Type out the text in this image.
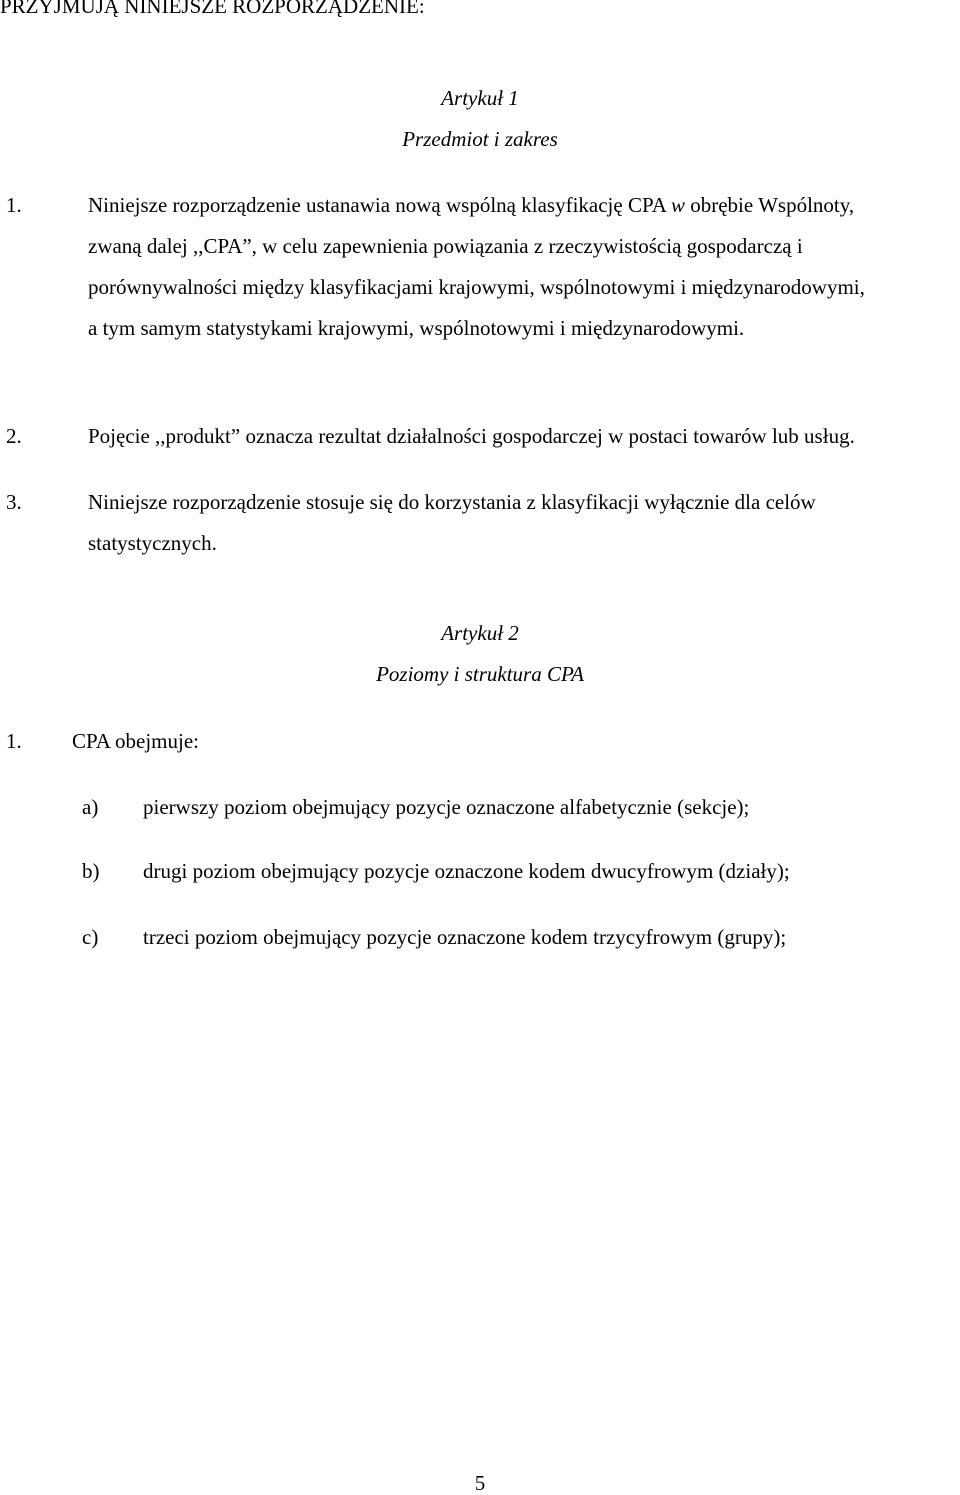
PRZYJMUJĄ NINIEJSZE ROZPORZĄDZENIE:
Artykuł 1
Przedmiot i zakres
1.	Niniejsze rozporządzenie ustanawia nową wspólną klasyfikację CPA w obrębie Wspólnoty, zwaną dalej ,,CPA”, w celu zapewnienia powiązania z rzeczywistością gospodarczą i porównywalności między klasyfikacjami krajowymi, wspólnotowymi i międzynarodowymi, a tym samym statystykami krajowymi, wspólnotowymi i międzynarodowymi.
2.	Pojęcie ,,produkt” oznacza rezultat działalności gospodarczej w postaci towarów lub usług.
3.	Niniejsze rozporządzenie stosuje się do korzystania z klasyfikacji wyłącznie dla celów statystycznych.
Artykuł 2
Poziomy i struktura CPA
1. CPA obejmuje:
a) pierwszy poziom obejmujący pozycje oznaczone alfabetycznie (sekcje);
b) drugi poziom obejmujący pozycje oznaczone kodem dwucyfrowym (działy);
c) trzeci poziom obejmujący pozycje oznaczone kodem trzycyfrowym (grupy);
5
